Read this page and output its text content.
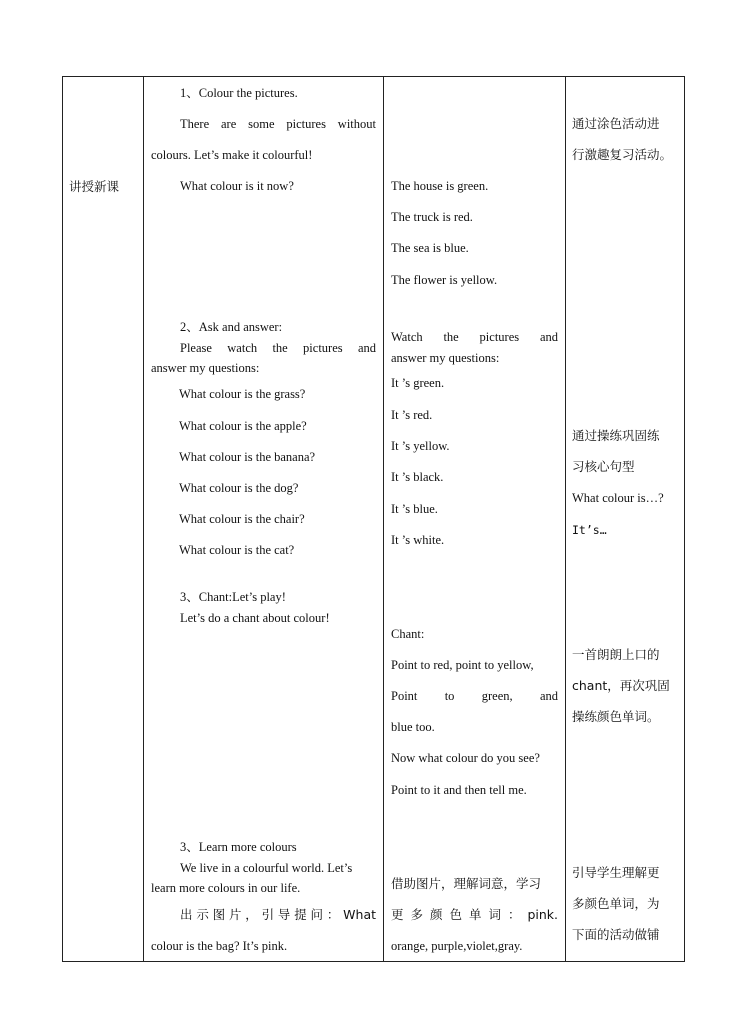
讲授新课

1、Colour the pictures.
There are some pictures without
colours. Let’s make it colourful!
What colour is it now?
2、Ask and answer:
Please watch the pictures and
answer my questions:
What colour is the grass?
What colour is the apple?
What colour is the banana?
What colour is the dog?
What colour is the chair?
What colour is the cat?
3、Chant:Let’s play!
Let’s do a chant about colour!
3、Learn more colours
We live in a colourful world. Let’s
learn more colours in our life.
出示图片，引导提问：What
colour is the bag? It’s pink.

The house is green.
The truck is red.
The sea is blue.
The flower is yellow.
Watch the pictures and
answer my questions:
It ’s green.
It ’s red.
It ’s yellow.
It ’s black.
It ’s blue.
It ’s white.
Chant:
Point to red, point to yellow,
Point to green, and
blue too.
Now what colour do you see?
Point to it and then tell me.
借助图片，理解词意，学习
更多颜色单词：pink.
orange, purple,violet,gray.

通过涂色活动进
行激趣复习活动。
通过操练巩固练
习核心句型
What colour is…?
It’s…
一首朗朗上口的
chant，再次巩固
操练颜色单词。
引导学生理解更
多颜色单词，为
下面的活动做铺
